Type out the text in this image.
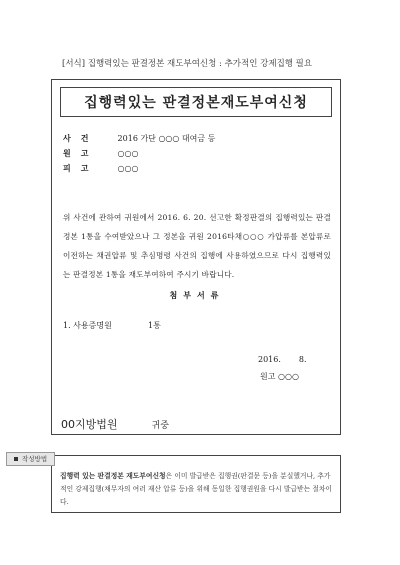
[서식] 집행력있는 판결정본 재도부여신청 : 추가적인 강제집행 필요
집행력있는 판결정본재도부여신청
사건 2016 가단 ○○○ 대여금 등
원고 ○○○
피고 ○○○
위 사건에 관하여 귀원에서 2016. 6. 20. 선고한 확정판결의 집행력있는 판결정본 1통을 수여받았으나 그 정본을 귀원 2016타채○○○ 가압류를 본압류로 이전하는 채권압류 및 추심명령 사건의 집행에 사용하였으므로 다시 집행력있는 판결정본 1통을 재도부여하여 주시기 바랍니다.
첨부서류
1. 사용증명원	1통
2016. 8.
원고 ○○○
00지방법원	귀중
집행력 있는 판결정본 재도부여신청은 이미 발급받은 집행권(판결문 등)을 분실했거나, 추가적인 강제집행(채무자의 여러 재산 압류 등)을 위해 동일한 집행권원을 다시 발급받는 절차이다.
작성방법
